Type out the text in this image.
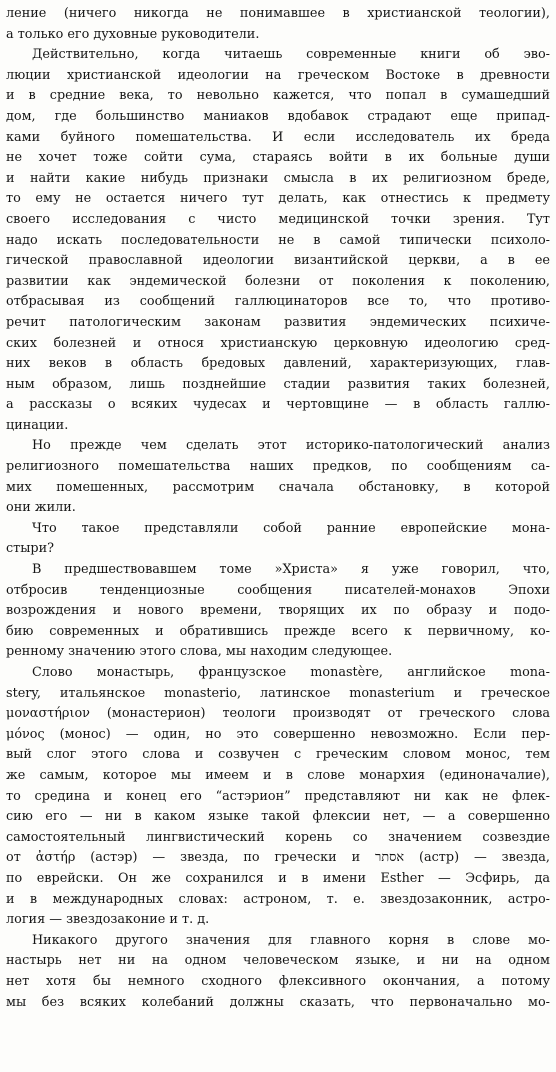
ление (ничего никогда не понимавшее в христианской теологии),
а только его духовные руководители.
Действительно, когда читаешь современные книги об эво-
люции христианской идеологии на греческом Востоке в древности
и в средние века, то невольно кажется, что попал в сумашедший
дом, где большинство маниаков вдобавок страдают еще припад-
ками буйного помешательства. И если исследователь их бреда
не хочет тоже сойти сума, стараясь войти в их больные души
и найти какие нибудь признаки смысла в их религиозном бреде,
то ему не остается ничего тут делать, как отнестись к предмету
своего исследования с чисто медицинской точки зрения. Тут
надо искать последовательности не в самой типически психоло-
гической православной идеологии византийской церкви, а в ее
развитии как эндемической болезни от поколения к поколению,
отбрасывая из сообщений галлюцинаторов все то, что противо-
речит патологическим законам развития эндемических психиче-
ских болезней и относя христианскую церковную идеологию сред-
них веков в область бредовых давлений, характеризующих, глав-
ным образом, лишь позднейшие стадии развития таких болезней,
а рассказы о всяких чудесах и чертовщине — в область галлю-
цинации.
Но прежде чем сделать этот историко-патологический анализ
религиозного помешательства наших предков, по сообщениям са-
мих помешенных, рассмотрим сначала обстановку, в которой
они жили.
Что такое представляли собой ранние европейские мона-
стыри?
В предшествовавшем томе »Христа» я уже говорил, что,
отбросив тенденциозные сообщения писателей-монахов Эпохи
возрождения и нового времени, творящих их по образу и подо-
бию современных и обратившись прежде всего к первичному, ко-
ренному значению этого слова, мы находим следующее.
Слово монастырь, французское monastère, английское mona-
stery, итальянское monasterio, латинское monasterium и греческое
μοναστήριον (монастерион) теологи производят от греческого слова
μόνος (монос) — один, но это совершенно невозможно. Если пер-
вый слог этого слова и созвучен с греческим словом монос, тем
же самым, которое мы имеем и в слове монархия (единоначалие),
то средина и конец его “астэрион” представляют ни как не флек-
сию его — ни в каком языке такой флексии нет, — а совершенно
самостоятельный лингвистический корень со значением созвездие
от ἀστήρ (астэр) — звезда, по гречески и אסתר (астр) — звезда,
по еврейски. Он же сохранился и в имени Esther — Эсфирь, да
и в международных словах: астроном, т. е. звездозаконник, астро-
логия — звездозаконие и т. д.
Никакого другого значения для главного корня в слове мо-
настырь нет ни на одном человеческом языке, и ни на одном
нет хотя бы немного сходного флексивного окончания, а потому
мы без всяких колебаний должны сказать, что первоначально мо-
